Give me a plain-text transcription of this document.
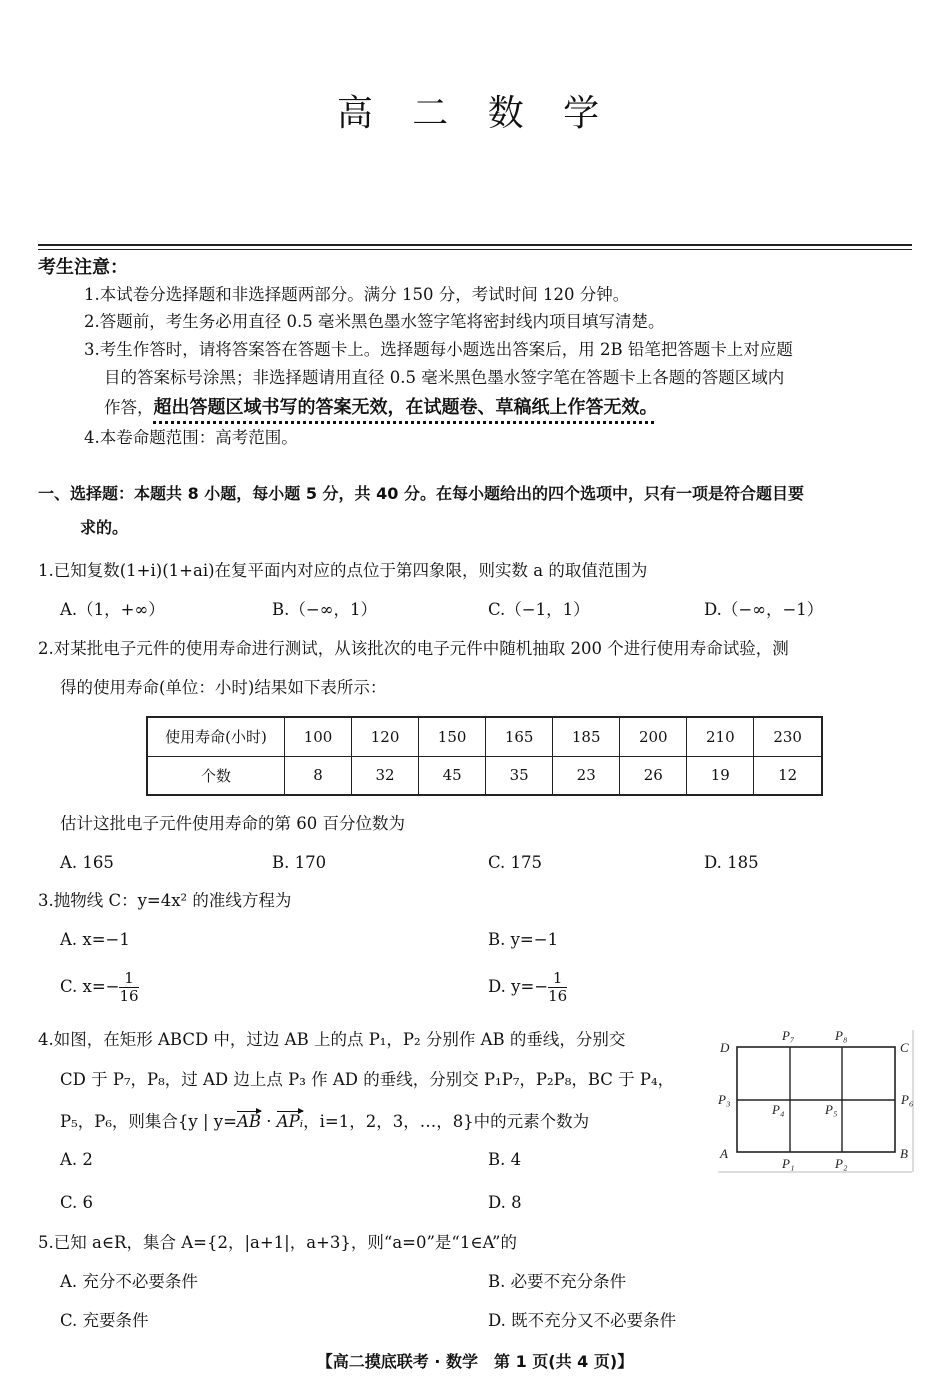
高 二 数 学
考生注意：
1.本试卷分选择题和非选择题两部分。满分 150 分，考试时间 120 分钟。
2.答题前，考生务必用直径 0.5 毫米黑色墨水签字笔将密封线内项目填写清楚。
3.考生作答时，请将答案答在答题卡上。选择题每小题选出答案后，用 2B 铅笔把答题卡上对应题
目的答案标号涂黑；非选择题请用直径 0.5 毫米黑色墨水签字笔在答题卡上各题的答题区域内
作答，超出答题区域书写的答案无效，在试题卷、草稿纸上作答无效。
4.本卷命题范围：高考范围。
一、选择题：本题共 8 小题，每小题 5 分，共 40 分。在每小题给出的四个选项中，只有一项是符合题目要
求的。
1.已知复数(1+i)(1+ai)在复平面内对应的点位于第四象限，则实数 a 的取值范围为
A.（1，+∞）	B.（−∞，1）	C.（−1，1）	D.（−∞，−1）
2.对某批电子元件的使用寿命进行测试，从该批次的电子元件中随机抽取 200 个进行使用寿命试验，测
得的使用寿命(单位：小时)结果如下表所示：
使用寿命(小时)	100	120	150	165	185	200	210	230
个数	8	32	45	35	23	26	19	12
估计这批电子元件使用寿命的第 60 百分位数为
A. 165	B. 170	C. 175	D. 185
3.抛物线 C：y=4x² 的准线方程为
A. x=−1	B. y=−1
C. $x=- \frac{1}{16}$	D. $y=- \frac{1}{16}$
4.如图，在矩形 ABCD 中，过边 AB 上的点 P₁，P₂ 分别作 AB 的垂线，分别交
CD 于 P₇，P₈，过 AD 边上点 P₃ 作 AD 的垂线，分别交 P₁P₇，P₂P₈，BC 于 P₄，
P₅，P₆，则集合{y | y=AB · APᵢ，i=1，2，3，…，8}中的元素个数为
A. 2	B. 4
C. 6	D. 8
D	C
A	B
P₇	P₈
P₃
P₄	P₅
P₆
P₁	P₂
5.已知 a∈R，集合 A={2，|a+1|，a+3}，则“a=0”是“1∈A”的
A. 充分不必要条件	B. 必要不充分条件
C. 充要条件	D. 既不充分又不必要条件
【高二摸底联考 · 数学　第 1 页(共 4 页)】
